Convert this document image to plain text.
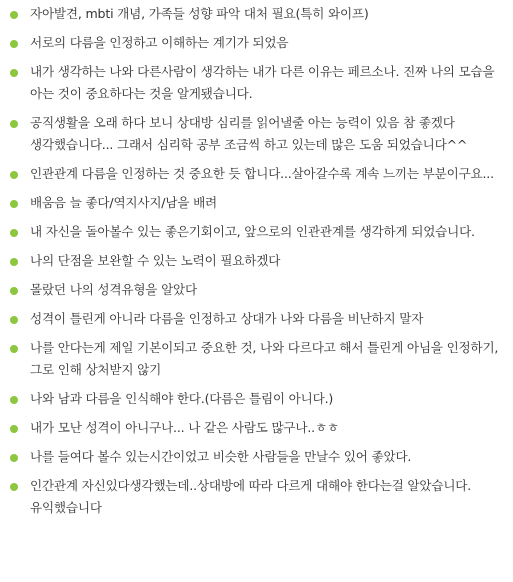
자아발견, mbti 개념, 가족들 성향 파악 대처 필요(특히 와이프)
서로의 다름을 인정하고 이해하는 계기가 되었음
내가 생각하는 나와 다른사람이 생각하는 내가 다른 이유는 페르소나. 진짜 나의 모습을 아는 것이 중요하다는 것을 알게됐습니다.
공직생활을 오래 하다 보니 상대방 심리를 읽어낼줄 아는 능력이 있음 참 좋겠다 생각했습니다... 그래서 심리학 공부 조금씩 하고 있는데 많은 도움 되었습니다^^
인관관계 다름을 인정하는 것 중요한 듯 합니다...살아갈수록 계속 느끼는 부분이구요...
배움음 늘 좋다/역지사지/남을 배려
내 자신을 돌아볼수 있는 좋은기회이고, 앞으로의 인관관계를 생각하게 되었습니다.
나의 단점을 보완할 수 있는 노력이 필요하겠다
몰랐던 나의 성격유형을 알았다
성격이 틀린게 아니라 다름을 인정하고 상대가 나와 다름을 비난하지 말자
나를 안다는게 제일 기본이되고 중요한 것, 나와 다르다고 해서 틀린게 아님을 인정하기, 그로 인해 상처받지 않기
나와 남과 다름을 인식해야 한다.(다름은 틀림이 아니다.)
내가 모난 성격이 아니구나... 나 같은 사람도 많구나..ㅎㅎ
나를 들여다 볼수 있는시간이었고 비슷한 사람들을 만날수 있어 좋았다.
인간관계 자신있다생각했는데..상대방에 따라 다르게 대해야 한다는걸 알았습니다. 유익했습니다
